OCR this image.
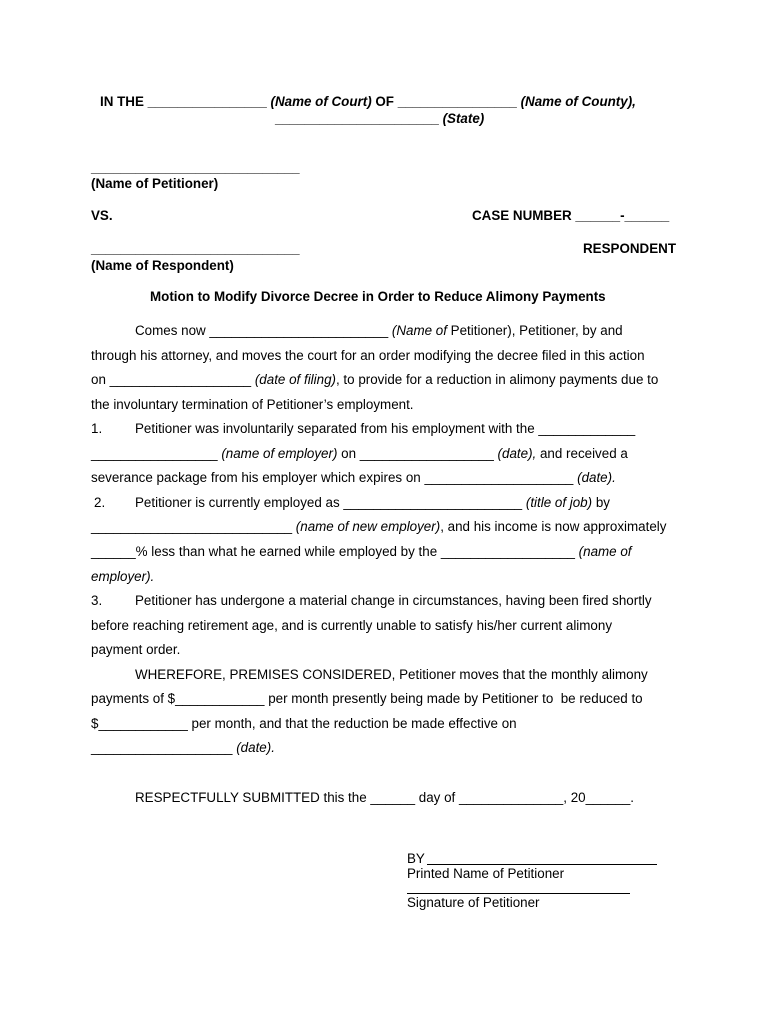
IN THE ________________ (Name of Court) OF ________________ (Name of County),
______________________ (State)
____________________________
(Name of Petitioner)
VS.	CASE NUMBER ______-______
____________________________	RESPONDENT
(Name of Respondent)
Motion to Modify Divorce Decree in Order to Reduce Alimony Payments
Comes now ________________________ (Name of Petitioner), Petitioner, by and
through his attorney, and moves the court for an order modifying the decree filed in this action
on ___________________ (date of filing), to provide for a reduction in alimony payments due to
the involuntary termination of Petitioner’s employment.
1. Petitioner was involuntarily separated from his employment with the _____________
_________________ (name of employer) on __________________ (date), and received a
severance package from his employer which expires on ____________________ (date).
2. Petitioner is currently employed as ________________________ (title of job) by
___________________________ (name of new employer), and his income is now approximately
______% less than what he earned while employed by the __________________ (name of
employer).
3. Petitioner has undergone a material change in circumstances, having been fired shortly
before reaching retirement age, and is currently unable to satisfy his/her current alimony
payment order.
WHEREFORE, PREMISES CONSIDERED, Petitioner moves that the monthly alimony
payments of $____________ per month presently being made by Petitioner to  be reduced to
$____________ per month, and that the reduction be made effective on
___________________ (date).
RESPECTFULLY SUBMITTED this the ______ day of ______________, 20______.
BY
Printed Name of Petitioner
Signature of Petitioner
